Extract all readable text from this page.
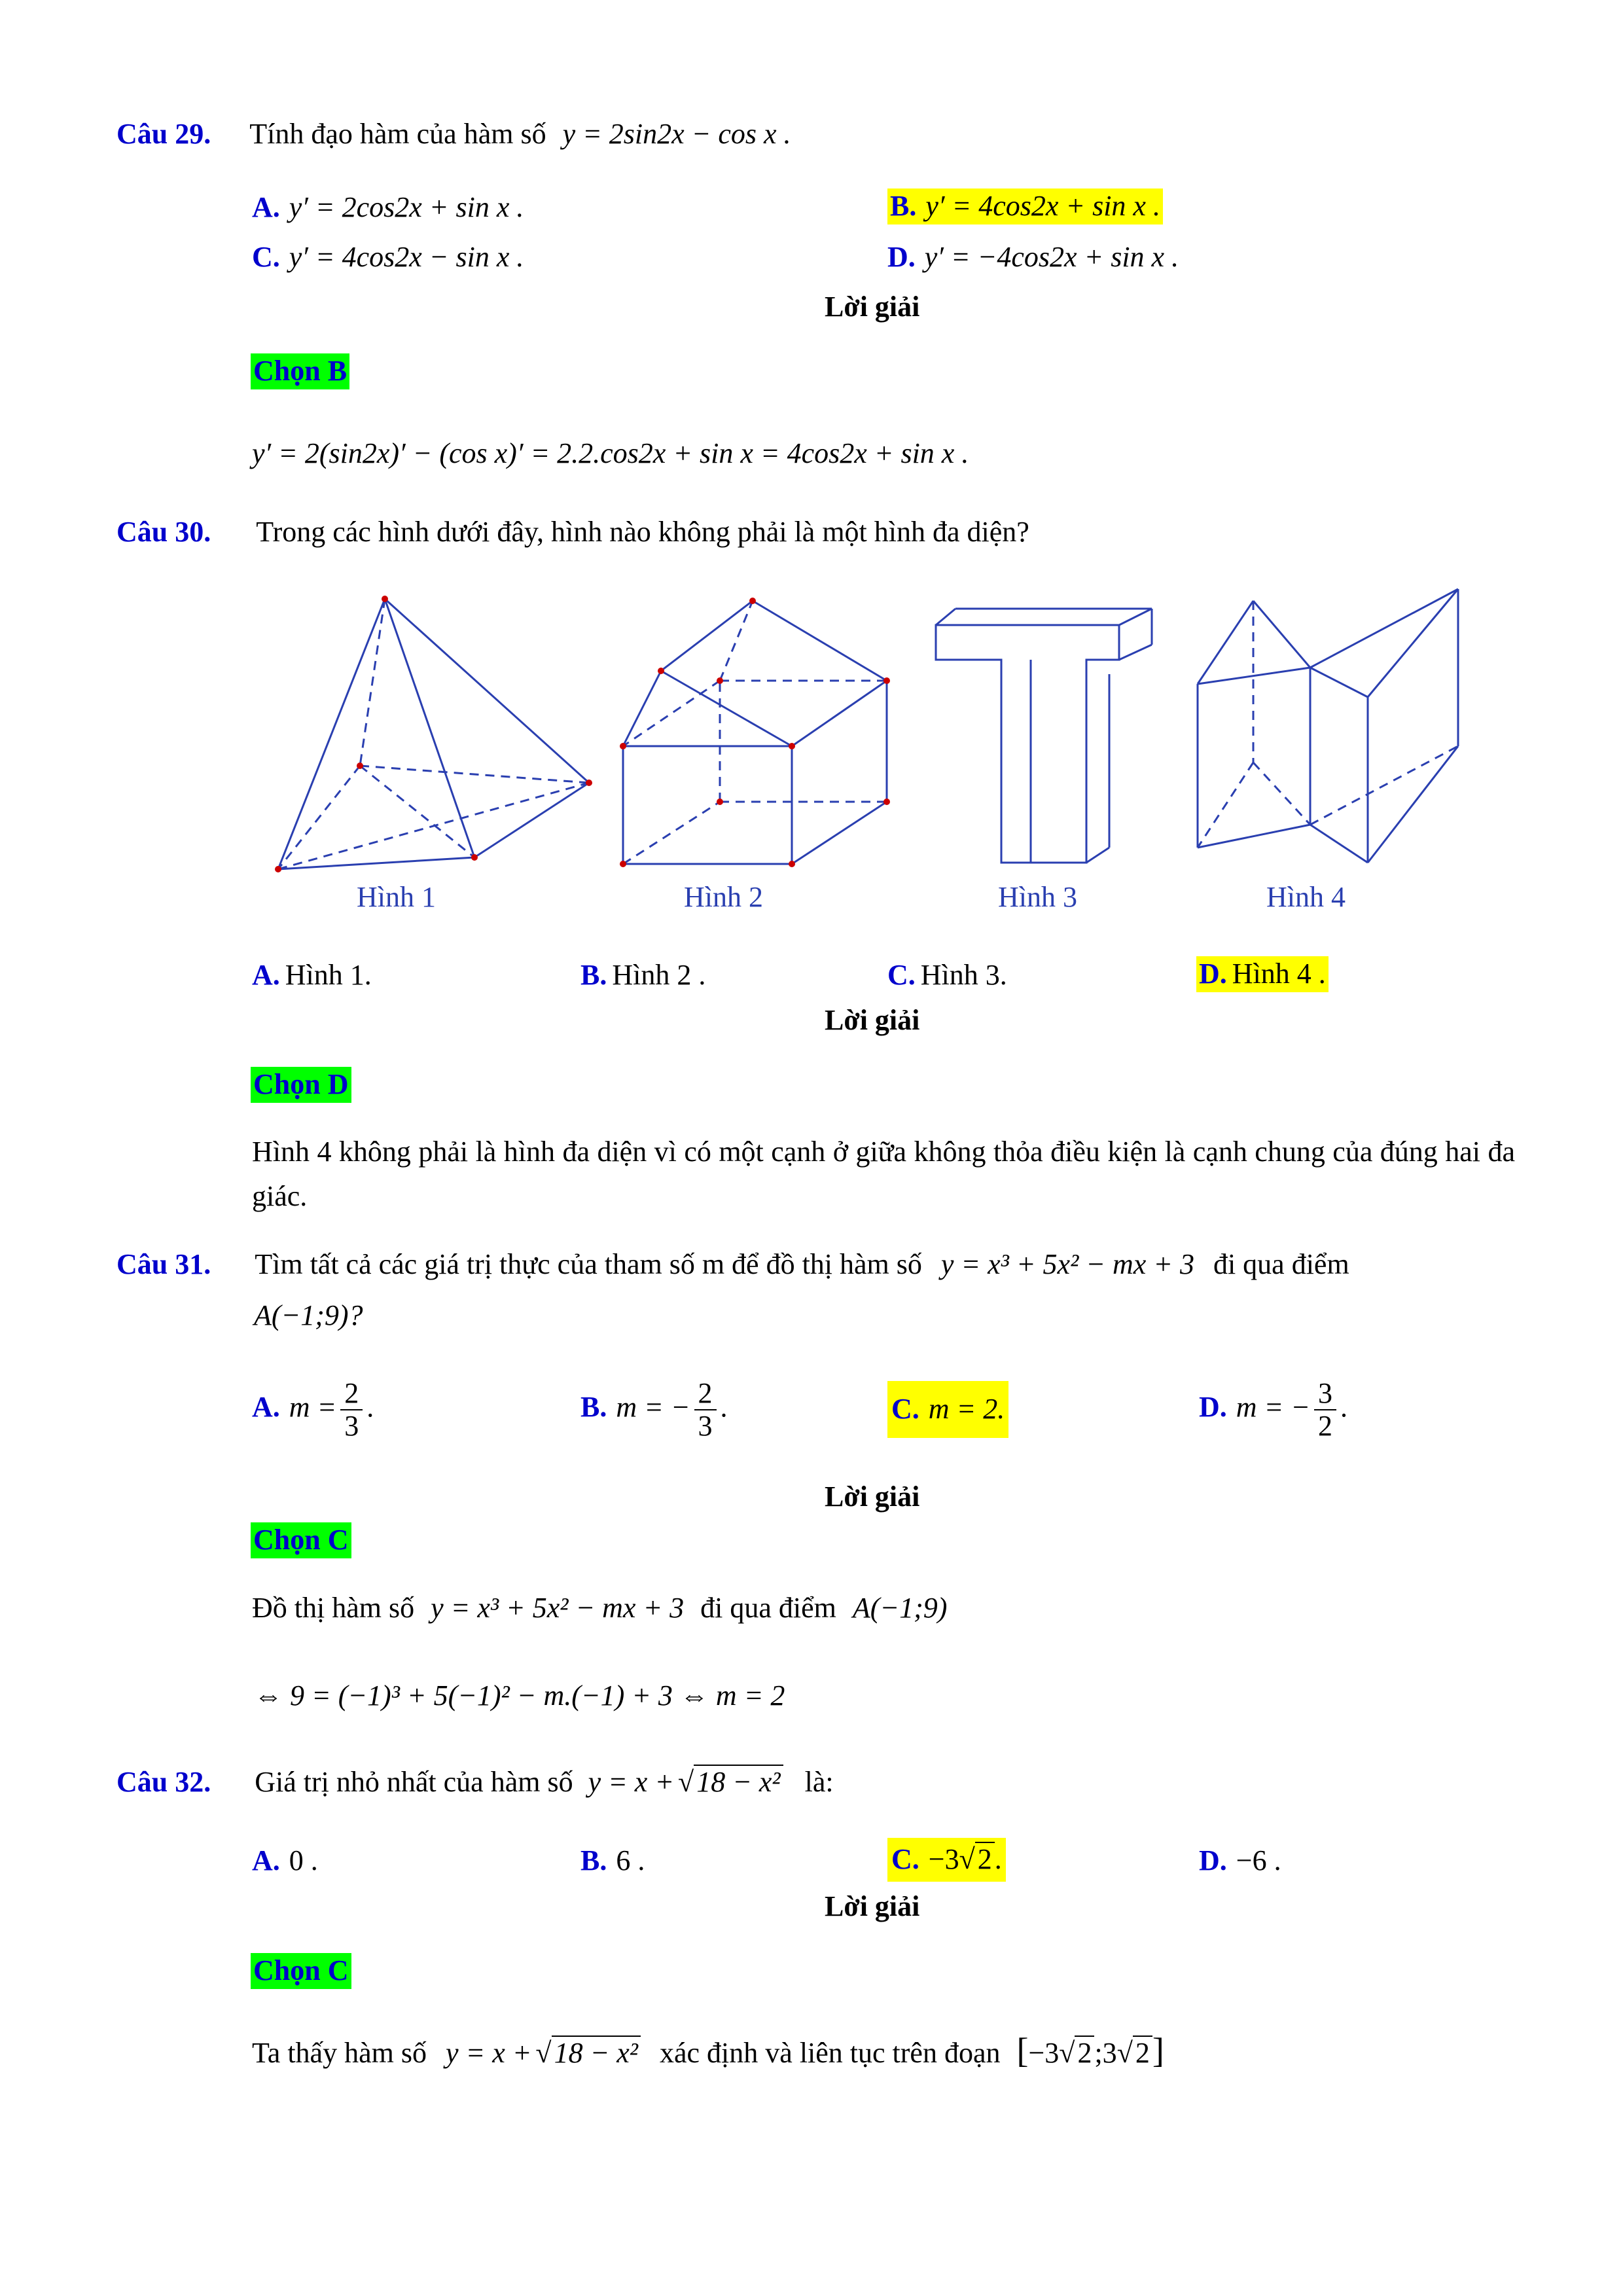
Câu 29. Tính đạo hàm của hàm số y = 2sin2x − cos x .
A. y′ = 2cos2x + sin x .	B. y′ = 4cos2x + sin x .
C. y′ = 4cos2x − sin x .	D. y′ = −4cos2x + sin x .
Lời giải
Chọn B
y′ = 2(sin2x)′ − (cos x)′ = 2.2.cos2x + sin x = 4cos2x + sin x .
Câu 30. Trong các hình dưới đây, hình nào không phải là một hình đa diện?
Hình 1	Hình 2	Hình 3	Hình 4
A. Hình 1.	B. Hình 2 .	C. Hình 3.	D. Hình 4 .
Lời giải
Chọn D
Hình 4 không phải là hình đa diện vì có một cạnh ở giữa không thỏa điều kiện là cạnh chung của đúng hai đa giác.
Câu 31. Tìm tất cả các giá trị thực của tham số m để đồ thị hàm số y = x³ + 5x² − mx + 3 đi qua điểm
A(−1;9)?
A. $m = \frac{2}{3}$ .	B. m = − $\frac{2}{3}$ .	C. m = 2.	D. m = − $\frac{3}{2}$ .
Lời giải
Chọn C
Đồ thị hàm số y = x³ + 5x² − mx + 3 đi qua điểm A(−1;9)
⇔ 9 = (−1)³ + 5(−1)² − m.(−1) + 3 ⇔ m = 2
Câu 32. Giá trị nhỏ nhất của hàm số y = x + √18 − x² là:
A. 0 .	B. 6 .	C. −3√2.	D. −6 .
Lời giải
Chọn C
Ta thấy hàm số y = x + √18 − x² xác định và liên tục trên đoạn [−3√2;3√2]
